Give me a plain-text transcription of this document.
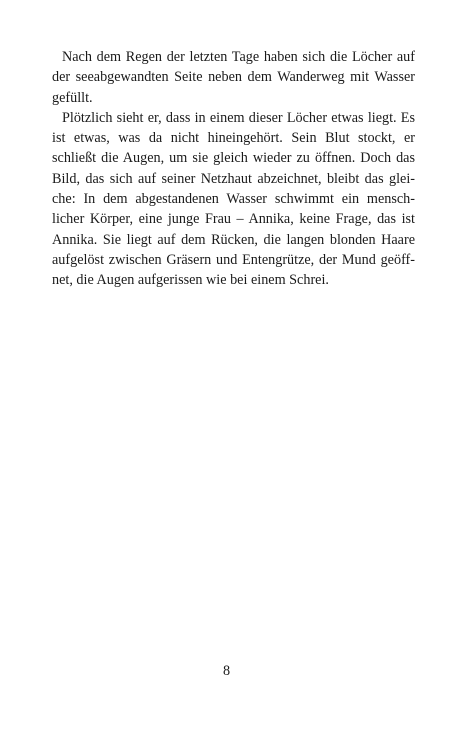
Nach dem Regen der letzten Tage haben sich die Löcher auf
der seeabgewandten Seite neben dem Wanderweg mit Wasser
gefüllt.
Plötzlich sieht er, dass in einem dieser Löcher etwas liegt. Es
ist etwas, was da nicht hineingehört. Sein Blut stockt, er
schließt die Augen, um sie gleich wieder zu öffnen. Doch das
Bild, das sich auf seiner Netzhaut abzeichnet, bleibt das glei-
che: In dem abgestandenen Wasser schwimmt ein mensch-
licher Körper, eine junge Frau – Annika, keine Frage, das ist
Annika. Sie liegt auf dem Rücken, die langen blonden Haare
aufgelöst zwischen Gräsern und Entengrütze, der Mund geöff-
net, die Augen aufgerissen wie bei einem Schrei.
8
